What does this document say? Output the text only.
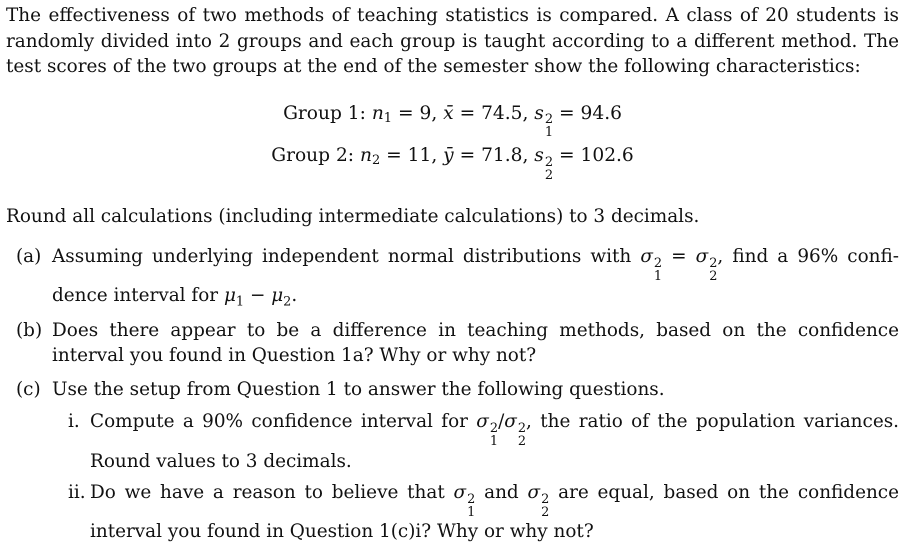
The effectiveness of two methods of teaching statistics is compared. A class of 20 students is randomly divided into 2 groups and each group is taught according to a different method. The test scores of the two groups at the end of the semester show the following characteristics:

Group 1: n1 = 9, x̄ = 74.5, s 2
1
= 94.6
Group 2: n2 = 11, ȳ = 71.8, s 2
2
= 102.6
Round all calculations (including intermediate calculations) to 3 decimals.
(a) Assuming underlying independent normal distributions with σ 2
1
= σ 2
2
, find a 96% confi-dence interval for $\mu_1 - \mu_2$.
(b) Does there appear to be a difference in teaching methods, based on the confidence interval you found in Question 1a? Why or why not?
(c) Use the setup from Question 1 to answer the following questions.
i. Compute a 90% confidence interval for σ 2
1
/σ 2
2
, the ratio of the population variances. Round values to 3 decimals.
ii. Do we have a reason to believe that σ 2
1
and σ 2
2
are equal, based on the confidence interval you found in Question 1(c)i? Why or why not?
